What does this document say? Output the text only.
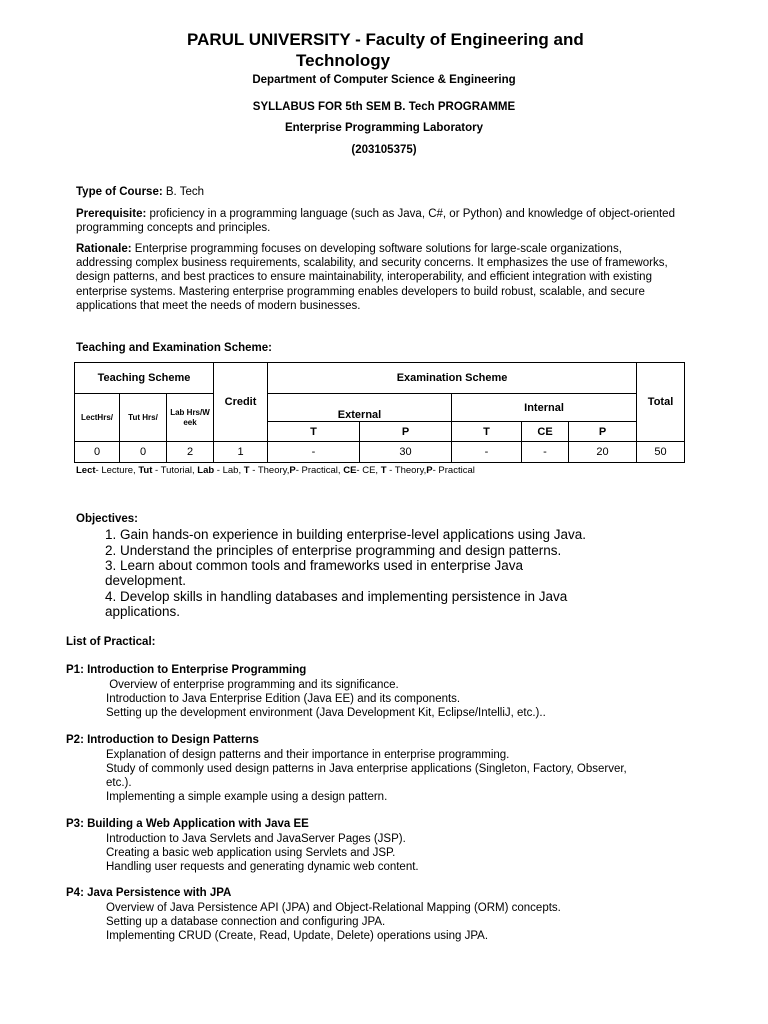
PARUL UNIVERSITY - Faculty of Engineering and
Technology
Department of Computer Science & Engineering
SYLLABUS FOR 5th SEM B. Tech PROGRAMME
Enterprise Programming Laboratory
(203105375)
Type of Course: B. Tech
Prerequisite: proficiency in a programming language (such as Java, C#, or Python) and knowledge of object-oriented programming concepts and principles.
Rationale: Enterprise programming focuses on developing software solutions for large-scale organizations, addressing complex business requirements, scalability, and security concerns. It emphasizes the use of frameworks, design patterns, and best practices to ensure maintainability, interoperability, and efficient integration with existing enterprise systems. Mastering enterprise programming enables developers to build robust, scalable, and secure applications that meet the needs of modern businesses.
Teaching and Examination Scheme:
Teaching Scheme			Credit	Examination Scheme					Total
LectHrs/	Tut Hrs/	Lab Hrs/W eek		External		Internal			
				T	P	T	CE	P	
0	0	2	1	-	30	-	-	20	50
Lect- Lecture, Tut - Tutorial, Lab - Lab, T - Theory,P- Practical, CE- CE, T - Theory,P- Practical
Objectives:
1. Gain hands-on experience in building enterprise-level applications using Java.
2. Understand the principles of enterprise programming and design patterns.
3. Learn about common tools and frameworks used in enterprise Java development.
4. Develop skills in handling databases and implementing persistence in Java applications.
List of Practical:
P1: Introduction to Enterprise Programming
Overview of enterprise programming and its significance.
Introduction to Java Enterprise Edition (Java EE) and its components.
Setting up the development environment (Java Development Kit, Eclipse/IntelliJ, etc.)..
P2: Introduction to Design Patterns
Explanation of design patterns and their importance in enterprise programming.
Study of commonly used design patterns in Java enterprise applications (Singleton, Factory, Observer, etc.).
Implementing a simple example using a design pattern.
P3: Building a Web Application with Java EE
Introduction to Java Servlets and JavaServer Pages (JSP).
Creating a basic web application using Servlets and JSP.
Handling user requests and generating dynamic web content.
P4: Java Persistence with JPA
Overview of Java Persistence API (JPA) and Object-Relational Mapping (ORM) concepts.
Setting up a database connection and configuring JPA.
Implementing CRUD (Create, Read, Update, Delete) operations using JPA.
